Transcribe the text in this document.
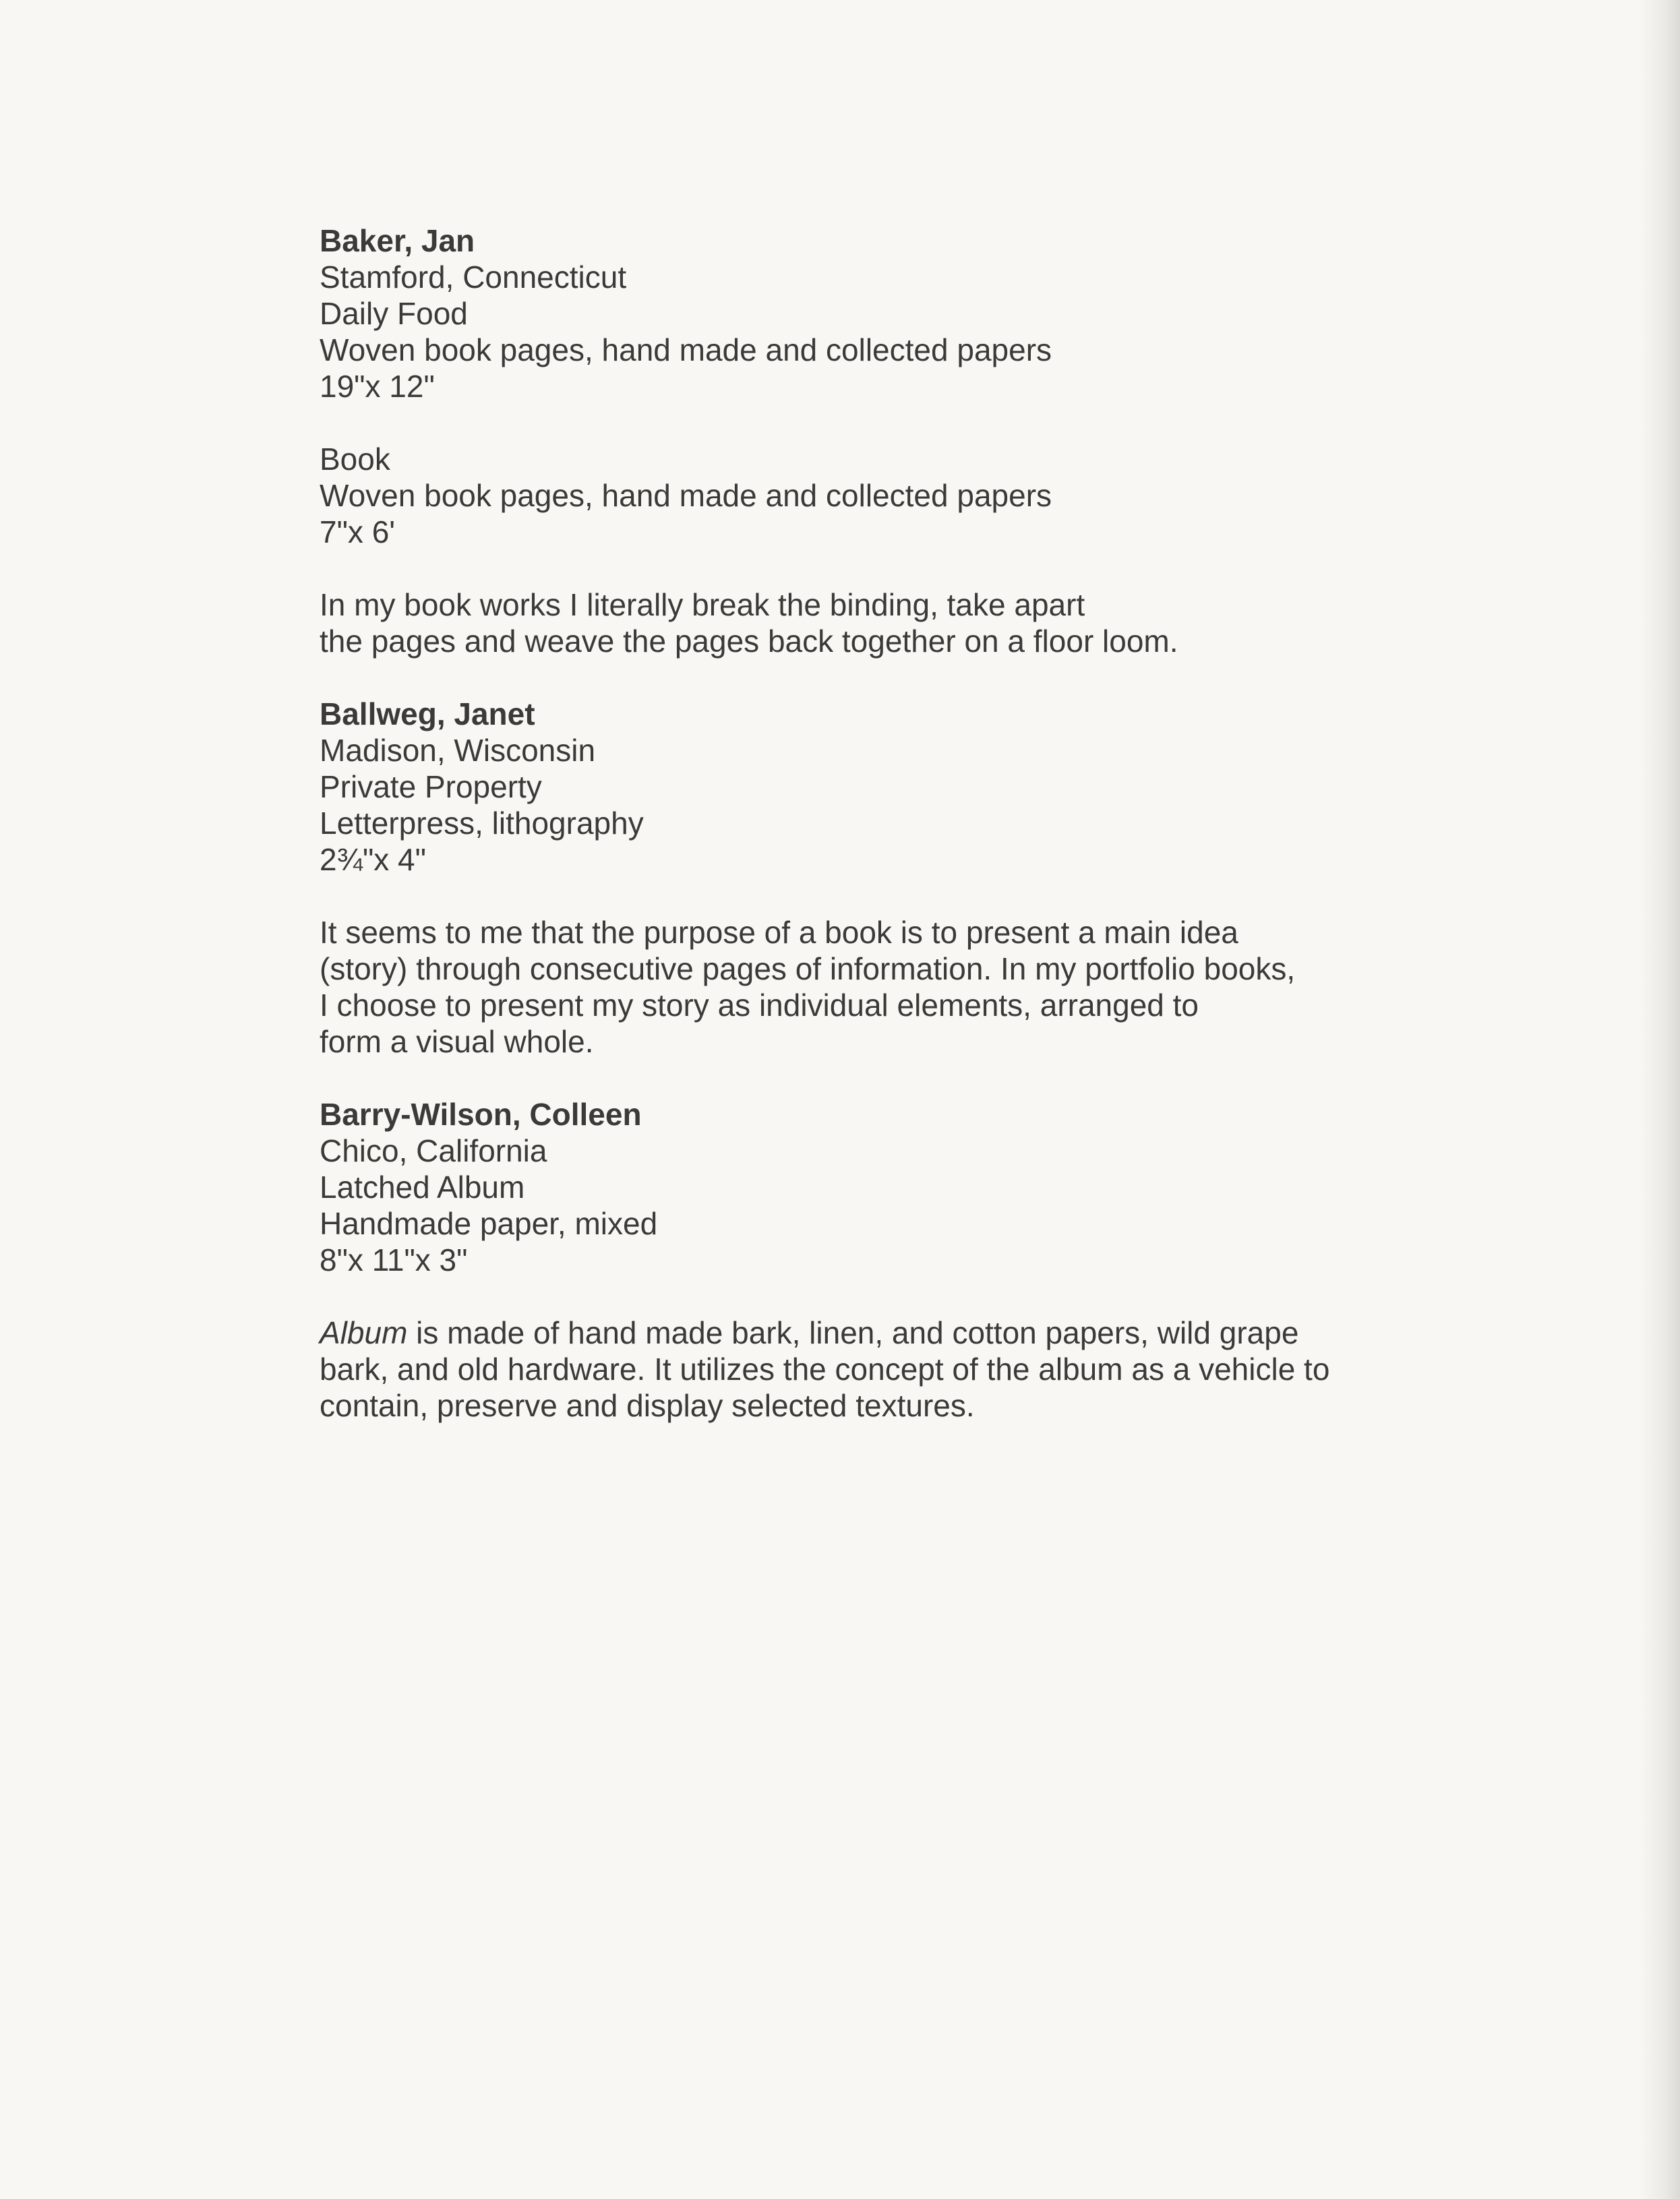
Baker, Jan

Stamford, Connecticut

Daily Food

Woven book pages, hand made and collected papers

19"x 12"

Book

Woven book pages, hand made and collected papers

7"x 6'

In my book works I literally break the binding, take apart

the pages and weave the pages back together on a floor loom.

Ballweg, Janet

Madison, Wisconsin

Private Property

Letterpress, lithography

2¾"x 4"

It seems to me that the purpose of a book is to present a main idea

(story) through consecutive pages of information. In my portfolio books,

I choose to present my story as individual elements, arranged to

form a visual whole.

Barry-Wilson, Colleen

Chico, California

Latched Album

Handmade paper, mixed

8"x 11"x 3"

Album is made of hand made bark, linen, and cotton papers, wild grape

bark, and old hardware. It utilizes the concept of the album as a vehicle to

contain, preserve and display selected textures.
